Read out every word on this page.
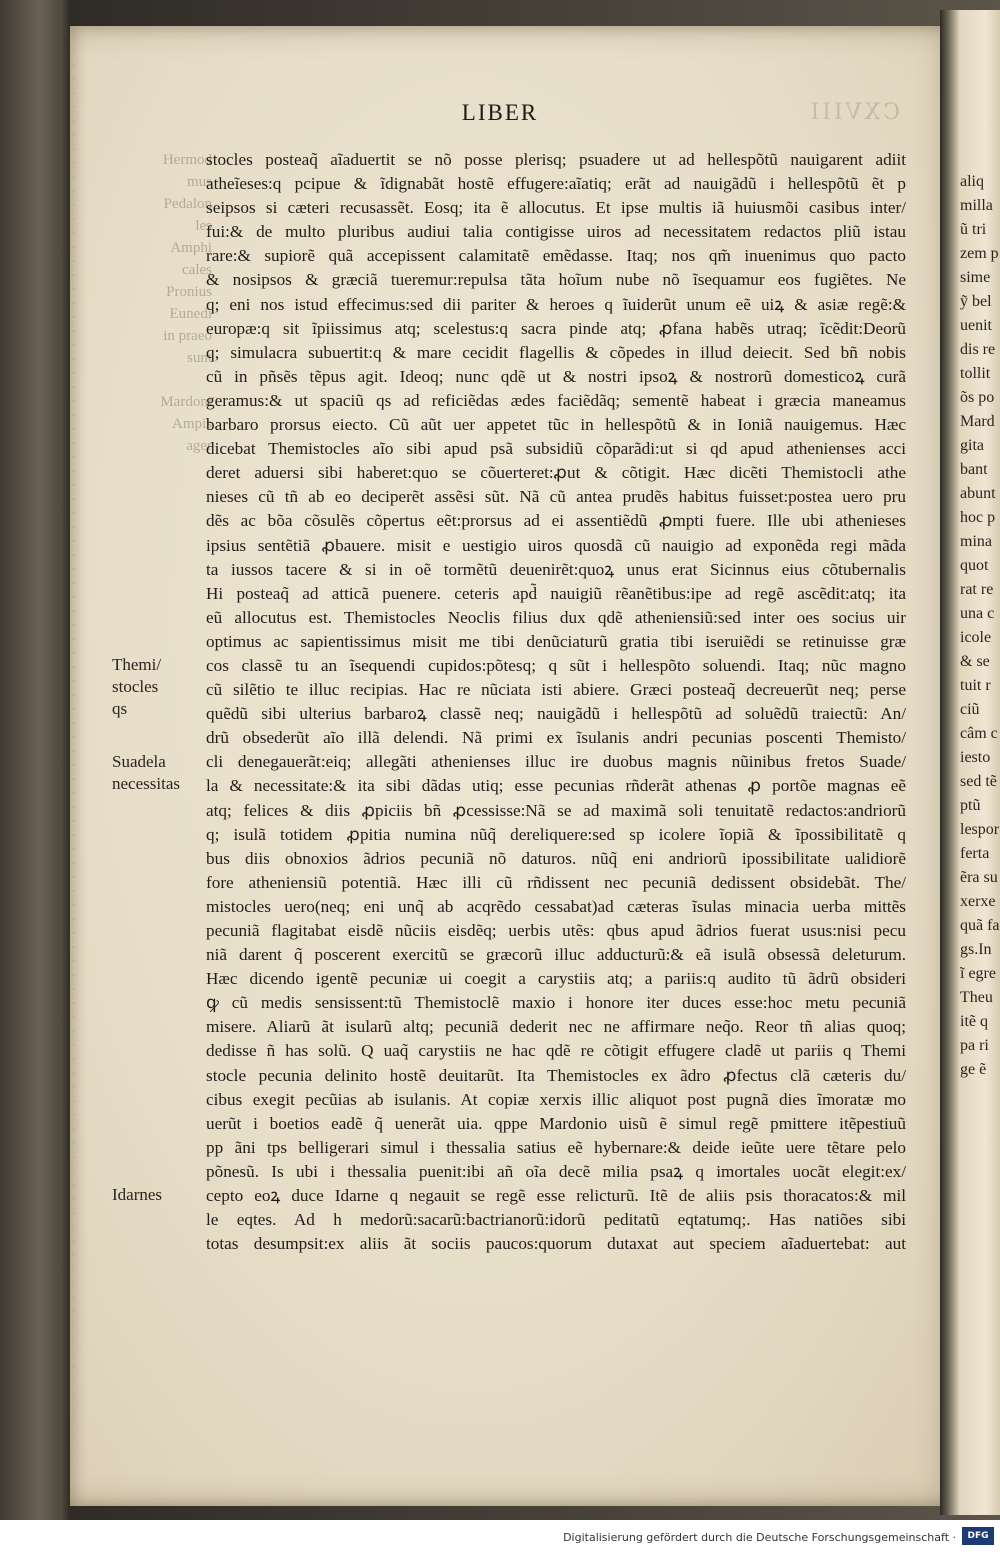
CXVIII
LIBER
Hermod
mus
Pedalon
les
Amphi
cales
Pronius
Eunedi
in praeo
sunt
Mardoni
Ampis
ager
Themi/
stocles
qs
Suadela
necessitas
Idarnes
stocles posteaq̃ aĩaduertit se nõ posse plerisq; psuadere ut ad hellespõtũ nauigarent adiit
atheĩeses:q pcipue & ĩdignabãt hostẽ effugere:aĩatiq; erãt ad nauigãdũ i hellespõtũ ẽt p
seipsos si cæteri recusassẽt. Eosq; ita ẽ allocutus. Et ipse multis iã huiusmõi casibus inter/
fui:& de multo pluribus audiui talia contigisse uiros ad necessitatem redactos pliũ istau
rare:& supiorẽ quã accepissent calamitatẽ emẽdasse. Itaq; nos qm̃ inuenimus quo pacto
& nosipsos & græciã tueremur:repulsa tãta hoĩum nube nõ ĩsequamur eos fugiẽtes. Ne
q; eni nos istud effecimus:sed dii pariter & heroes q ĩuiderũt unum eẽ uiꝝ & asiæ regẽ:&
europæ:q sit ĩpiissimus atq; scelestus:q sacra pinde atq; ꝓfana habẽs utraq; ĩcẽdit:Deorũ
q; simulacra subuertit:q & mare cecidit flagellis & cõpedes in illud deiecit. Sed bñ nobis
cũ in pñsẽs tẽpus agit. Ideoq; nunc qdẽ ut & nostri ipsoꝝ & nostrorũ domesticoꝝ curã
geramus:& ut spaciũ qs ad reficiẽdas ædes faciẽdãq; sementẽ habeat i græcia maneamus
barbaro prorsus eiecto. Cũ aũt uer appetet tũc in hellespõtũ & in Ioniã nauigemus. Hæc
dicebat Themistocles aĩo sibi apud psã subsidiũ cõparãdi:ut si qd apud athenienses acci
deret aduersi sibi haberet:quo se cõuerteret:ꝓut & cõtigit. Hæc dicẽti Themistocli athe
nieses cũ tñ ab eo deciperẽt assẽsi sũt. Nã cũ antea prudẽs habitus fuisset:postea uero pru
dẽs ac bõa cõsulẽs cõpertus eẽt:prorsus ad ei assentiẽdũ ꝓmpti fuere. Ille ubi athenieses
ipsius sentẽtiã ꝓbauere. misit e uestigio uiros quosdã cũ nauigio ad exponẽda regi mãda
ta iussos tacere & si in oẽ tormẽtũ deuenirẽt:quoꝝ unus erat Sicinnus eius cõtubernalis
Hi posteaq̃ ad atticã puenere. ceteris apd̃ nauigiũ rẽanẽtibus:ipe ad regẽ ascẽdit:atq; ita
eũ allocutus est. Themistocles Neoclis filius dux qdẽ atheniensiũ:sed inter oes socius uir
optimus ac sapientissimus misit me tibi denũciaturũ gratia tibi iseruiẽdi se retinuisse græ
cos classẽ tu an ĩsequendi cupidos:põtesq; q sũt i hellespõto soluendi. Itaq; nũc magno
cũ silẽtio te illuc recipias. Hac re nũciata isti abiere. Græci posteaq̃ decreuerũt neq; perse
quẽdũ sibi ulterius barbaroꝝ classẽ neq; nauigãdũ i hellespõtũ ad soluẽdũ traiectũ: An/
drũ obsederũt aĩo illã delendi. Nã primi ex ĩsulanis andri pecunias poscenti Themisto/
cli denegauerãt:eiq; allegãti athenienses illuc ire duobus magnis nũinibus fretos Suade/
la & necessitate:& ita sibi dãdas utiq; esse pecunias rñderãt athenas ꝓ portõe magnas eẽ
atq; felices & diis ꝓpiciis bñ ꝓcessisse:Nã se ad maximã soli tenuitatẽ redactos:andriorũ
q; isulã totidem ꝓpitia numina nũq̃ dereliquere:sed sp icolere ĩopiã & ĩpossibilitatẽ q
bus diis obnoxios ãdrios pecuniã nõ daturos. nũq̃ eni andriorũ ipossibilitate ualidiorẽ
fore atheniensiũ potentiã. Hæc illi cũ rñdissent nec pecuniã dedissent obsidebãt. The/
mistocles uero(neq; eni unq̃ ab acqrẽdo cessabat)ad cæteras ĩsulas minacia uerba mittẽs
pecuniã flagitabat eisdẽ nũciis eisdẽq; uerbis utẽs: qbus apud ãdrios fuerat usus:nisi pecu
niã darent q̃ poscerent exercitũ se græcorũ illuc adducturũ:& eã isulã obsessã deleturum.
Hæc dicendo igentẽ pecuniæ ui coegit a carystiis atq; a pariis:q audito tũ ãdrũ obsideri
ꝙ cũ medis sensissent:tũ Themistoclẽ maxio i honore iter duces esse:hoc metu pecuniã
misere. Aliarũ ãt isularũ altq; pecuniã dederit nec ne affirmare neq̃o. Reor tñ alias quoq;
dedisse ñ has solũ. Q uaq̃ carystiis ne hac qdẽ re cõtigit effugere cladẽ ut pariis q Themi
stocle pecunia delinito hostẽ deuitarũt. Ita Themistocles ex ãdro ꝓfectus clã cæteris du/
cibus exegit pecũias ab isulanis. At copiæ xerxis illic aliquot post pugnã dies ĩmoratæ mo
uerũt i boetios eadẽ q̃ uenerãt uia. qppe Mardonio uisũ ẽ simul regẽ pmittere itẽpestiuũ
pp ãni tps belligerari simul i thessalia satius eẽ hybernare:& deide ieũte uere tẽtare pelo
põnesũ. Is ubi i thessalia puenit:ibi añ oĩa decẽ milia psaꝝ q imortales uocãt elegit:ex/
cepto eoꝝ duce Idarne q negauit se regẽ esse relicturũ. Itẽ de aliis psis thoracatos:& mil
le eqtes. Ad h medorũ:sacarũ:bactrianorũ:idorũ peditatũ eqtatumq;. Has natiões sibi
totas desumpsit:ex aliis ãt sociis paucos:quorum dutaxat aut speciem aĩaduertebat: aut
aliq
milla
ũ tri
zem p
sime
ỹ bel
uenit
dis re
tollit
õs po
Mard
gita
bant
abunt
hoc p
mina
quot
rat re
una c
icole
& se
tuit r
ciũ
câm c
iesto
sed tẽ
ptũ
lespor
ferta
ẽra su
xerxe
quã fa
gs.In
ĩ egre
Theu
itẽ q
pa ri
ge ẽ
Digitalisierung gefördert durch die Deutsche Forschungsgemeinschaft ·	DFG
